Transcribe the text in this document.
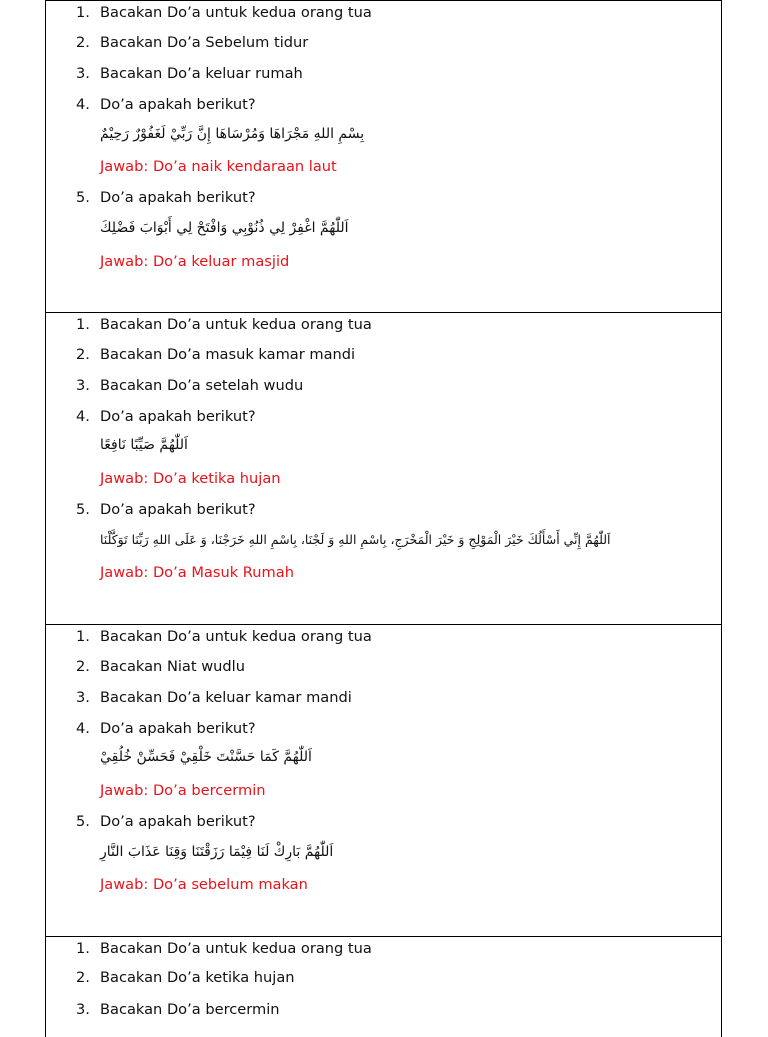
1. Bacakan Do’a untuk kedua orang tua
2. Bacakan Do’a Sebelum tidur
3. Bacakan Do’a keluar rumah
4. Do’a apakah berikut?
بِسْمِ اللهِ مَجْرَاهَا وَمُرْسَاهَا إِنَّ رَبِّيْ لَغَفُوْرٌ رَحِيْمٌ
Jawab: Do’a naik kendaraan laut
5. Do’a apakah berikut?
اَللّٰهُمَّ اغْفِرْ لِي ذُنُوْبِي وَافْتَحْ لِي أَبْوَابَ فَضْلِكَ
Jawab: Do’a keluar masjid
1. Bacakan Do’a untuk kedua orang tua
2. Bacakan Do’a masuk kamar mandi
3. Bacakan Do’a setelah wudu
4. Do’a apakah berikut?
اَللّٰهُمَّ صَيِّبًا نَافِعًا
Jawab: Do’a ketika hujan
5. Do’a apakah berikut?
اَللّٰهُمَّ إِنِّي أَسْأَلُكَ خَيْرَ الْمَوْلِجِ وَ خَيْرَ الْمَخْرَجِ، بِاسْمِ اللهِ وَ لَجْنَا، بِاسْمِ اللهِ خَرَجْنَا، وَ عَلَى اللهِ رَبِّنَا تَوَكَّلْنَا
Jawab: Do’a Masuk Rumah
1. Bacakan Do’a untuk kedua orang tua
2. Bacakan Niat wudlu
3. Bacakan Do’a keluar kamar mandi
4. Do’a apakah berikut?
اَللّٰهُمَّ كَمَا حَسَّنْتَ خَلْقِيْ فَحَسِّنْ خُلُقِيْ
Jawab: Do’a bercermin
5. Do’a apakah berikut?
اَللّٰهُمَّ بَارِكْ لَنَا فِيْمَا رَزَقْتَنَا وَقِنَا عَذَابَ النَّارِ
Jawab: Do’a sebelum makan
1. Bacakan Do’a untuk kedua orang tua
2. Bacakan Do’a ketika hujan
3. Bacakan Do’a bercermin
